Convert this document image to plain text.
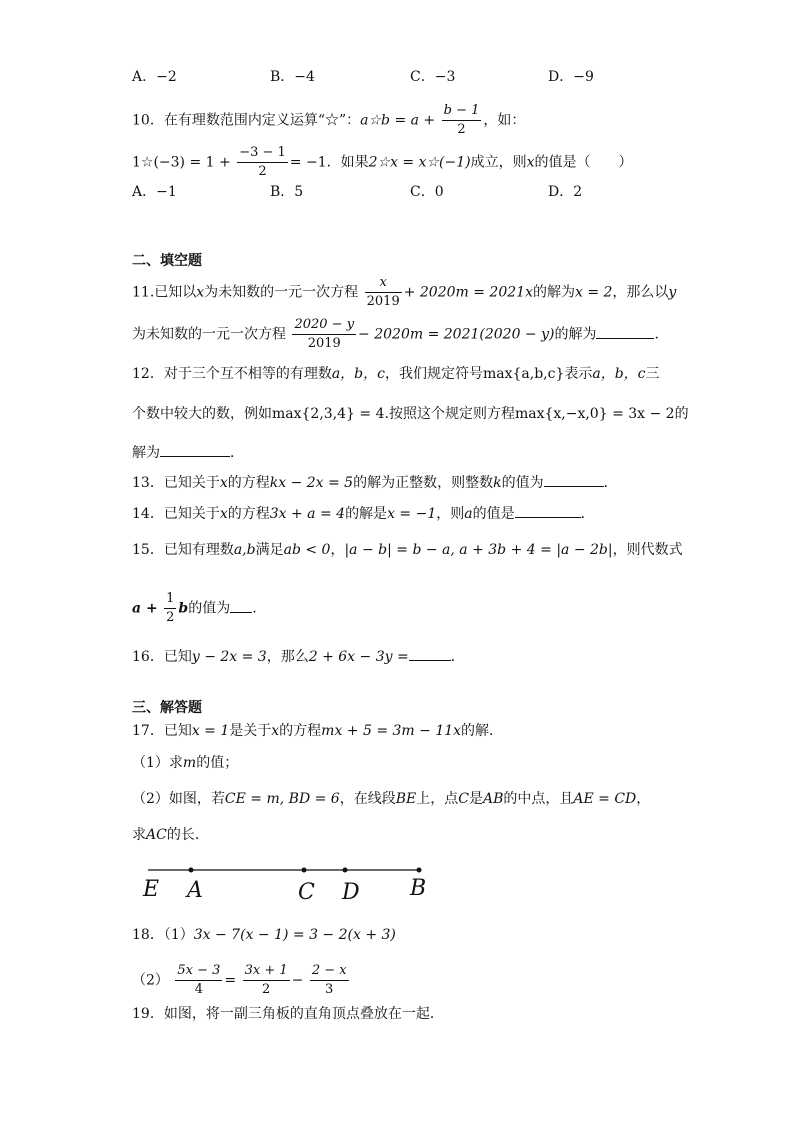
A．−2	B．−4	C．−3	D．−9
10．在有理数范围内定义运算“☆”：a☆b = $a + \frac{b - 1}{2}$ ，如：
1☆(−3) = $1 + \frac{-3 - 1}{2} = -1$．如果2☆x = x☆(−1)成立，则x的值是（　　）
A．−1	B．5	C．0	D．2
二、填空题
11.已知以x为未知数的一元一次方程 $\frac{x}{2019} + 2020m = 2021x$的解为x = 2，那么以y
为未知数的一元一次方程 $\frac{2020 - y}{2019} - 2020m = 2021(2020 - y)$的解为	．
12．对于三个互不相等的有理数a，b，c，我们规定符号max{a,b,c}表示a，b，c三
个数中较大的数，例如max{2,3,4} = 4.按照这个规定则方程max{x,−x,0} = 3x − 2的
解为	．
13．已知关于x的方程kx − 2x = 5的解为正整数，则整数k的值为	．
14．已知关于x的方程3x + a = 4的解是x = −1，则a的值是	．
15．已知有理数a,b满足ab < 0，|a − b| = b − a, a + 3b + 4 = |a − 2b|，则代数式
$a + \frac{1}{2}$ b的值为 .
16．已知y − 2x = 3，那么2 + 6x − 3y =	．
三、解答题
17．已知x = 1是关于x的方程mx + 5 = 3m − 11x的解．
（1）求m的值；
（2）如图，若CE = m, BD = 6，在线段BE上，点C是AB的中点，且AE = CD，
求AC的长．
E A	C D B
18．（1）3x − 7(x − 1) = 3 − 2(x + 3)
$(2) \frac{5x - 3}{4} = \frac{3x + 1}{2} - \frac{2 - x}{3}$
19．如图，将一副三角板的直角顶点叠放在一起．
